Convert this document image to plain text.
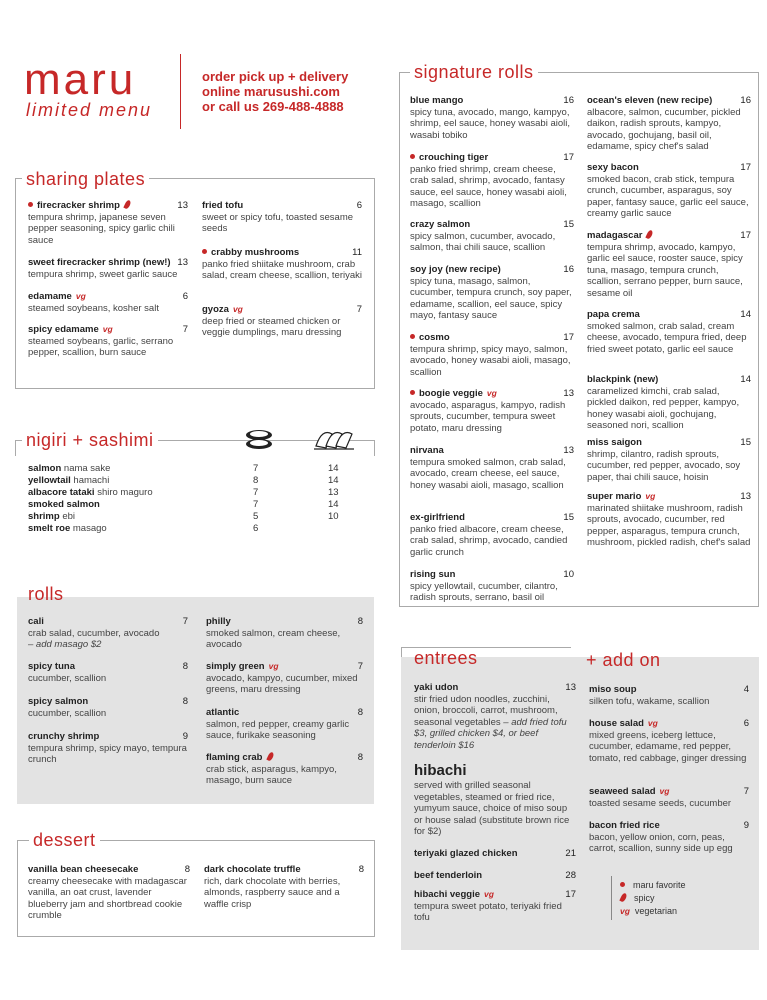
maru
limited menu
order pick up + delivery
online marusushi.com
or call us 269-488-4888
sharing plates
firecracker shrimp	13
tempura shrimp, japanese seven pepper seasoning, spicy garlic chili sauce
sweet firecracker shrimp (new!) 13
tempura shrimp, sweet garlic sauce
edamame vg	6
steamed soybeans, kosher salt
spicy edamame vg	7
steamed soybeans, garlic, serrano pepper, scallion, burn sauce
fried tofu	6
sweet or spicy tofu, toasted sesame seeds
crabby mushrooms	11
panko fried shiitake mushroom, crab salad, cream cheese, scallion, teriyaki
gyoza vg	7
deep fried or steamed chicken or veggie dumplings, maru dressing
nigiri + sashimi
salmon nama sake	7	14
yellowtail hamachi	8	14
albacore tataki shiro maguro	7	13
smoked salmon	7	14
shrimp ebi	5	10
smelt roe masago	6
rolls
cali	7
crab salad, cucumber, avocado
– add masago $2
spicy tuna	8
cucumber, scallion
spicy salmon	8
cucumber, scallion
crunchy shrimp	9
tempura shrimp, spicy mayo, tempura crunch
philly	8
smoked salmon, cream cheese, avocado
simply green vg	7
avocado, kampyo, cucumber, mixed greens, maru dressing
atlantic	8
salmon, red pepper, creamy garlic sauce, furikake seasoning
flaming crab	8
crab stick, asparagus, kampyo, masago, burn sauce
dessert
vanilla bean cheesecake	8
creamy cheesecake with madagascar vanilla, an oat crust, lavender blueberry jam and shortbread cookie crumble
dark chocolate truffle	8
rich, dark chocolate with berries, almonds, raspberry sauce and a waffle crisp
signature rolls
blue mango	16
spicy tuna, avocado, mango, kampyo, shrimp, eel sauce, honey wasabi aioli, wasabi tobiko
crouching tiger	17
panko fried shrimp, cream cheese, crab salad, shrimp, avocado, fantasy sauce, eel sauce, honey wasabi aioli, masago, scallion
crazy salmon	15
spicy salmon, cucumber, avocado, salmon, thai chili sauce, scallion
soy joy (new recipe)	16
spicy tuna, masago, salmon, cucumber, tempura crunch, soy paper, edamame, scallion, eel sauce, spicy mayo, fantasy sauce
cosmo	17
tempura shrimp, spicy mayo, salmon, avocado, honey wasabi aioli, masago, scallion
boogie veggie vg	13
avocado, asparagus, kampyo, radish sprouts, cucumber, tempura sweet potato, maru dressing
nirvana	13
tempura smoked salmon, crab salad, avocado, cream cheese, eel sauce, honey wasabi aioli, masago, scallion
ex-girlfriend	15
panko fried albacore, cream cheese, crab salad, shrimp, avocado, candied garlic crunch
rising sun	10
spicy yellowtail, cucumber, cilantro, radish sprouts, serrano, basil oil
ocean's eleven (new recipe)	16
albacore, salmon, cucumber, pickled daikon, radish sprouts, kampyo, avocado, gochujang, basil oil, edamame, spicy chef's salad
sexy bacon	17
smoked bacon, crab stick, tempura crunch, cucumber, asparagus, soy paper, fantasy sauce, garlic eel sauce, creamy garlic sauce
madagascar	17
tempura shrimp, avocado, kampyo, garlic eel sauce, rooster sauce, spicy tuna, masago, tempura crunch, scallion, serrano pepper, burn sauce, sesame oil
papa crema	14
smoked salmon, crab salad, cream cheese, avocado, tempura fried, deep fried sweet potato, garlic eel sauce
blackpink (new)	14
caramelized kimchi, crab salad, pickled daikon, red pepper, kampyo, honey wasabi aioli, gochujang, seasoned nori, scallion
miss saigon	15
shrimp, cilantro, radish sprouts, cucumber, red pepper, avocado, soy paper, thai chili sauce, hoisin
super mario vg	13
marinated shiitake mushroom, radish sprouts, avocado, cucumber, red pepper, asparagus, tempura crunch, mushroom, pickled radish, chef's salad
entrees	+ add on
yaki udon	13
stir fried udon noodles, zucchini, onion, broccoli, carrot, mushroom, seasonal vegetables – add fried tofu $3, grilled chicken $4, or beef tenderloin $16
hibachi
served with grilled seasonal vegetables, steamed or fried rice, yumyum sauce, choice of miso soup or house salad (substitute brown rice for $2)
teriyaki glazed chicken	21
beef tenderloin	28
hibachi veggie vg	17
tempura sweet potato, teriyaki fried tofu
miso soup	4
silken tofu, wakame, scallion
house salad vg	6
mixed greens, iceberg lettuce, cucumber, edamame, red pepper, tomato, red cabbage, ginger dressing
seaweed salad vg	7
toasted sesame seeds, cucumber
bacon fried rice	9
bacon, yellow onion, corn, peas, carrot, scallion, sunny side up egg
maru favorite
spicy
vg vegetarian
